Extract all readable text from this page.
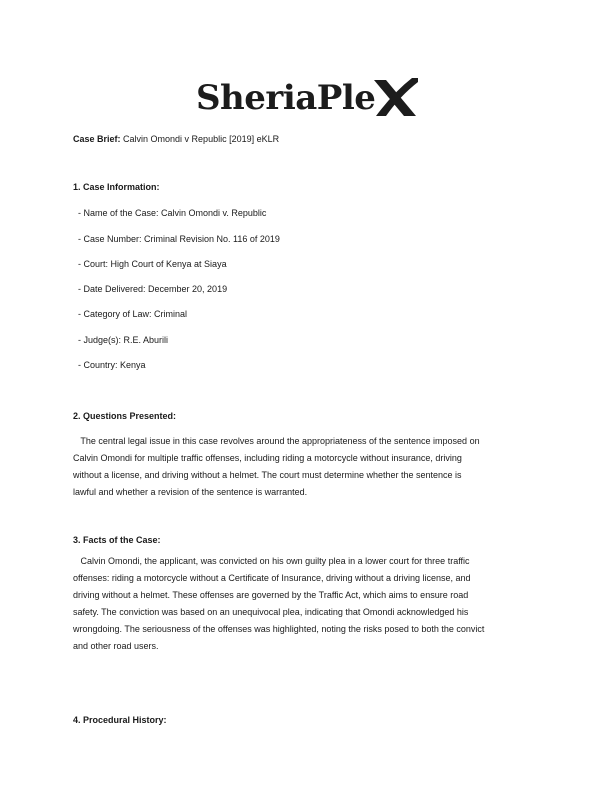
SheriaPle
Case Brief: Calvin Omondi v Republic [2019] eKLR
1. Case Information:
- Name of the Case: Calvin Omondi v. Republic
- Case Number: Criminal Revision No. 116 of 2019
- Court: High Court of Kenya at Siaya
- Date Delivered: December 20, 2019
- Category of Law: Criminal
- Judge(s): R.E. Aburili
- Country: Kenya
2. Questions Presented:
The central legal issue in this case revolves around the appropriateness of the sentence imposed on
Calvin Omondi for multiple traffic offenses, including riding a motorcycle without insurance, driving
without a license, and driving without a helmet. The court must determine whether the sentence is
lawful and whether a revision of the sentence is warranted.
3. Facts of the Case:
Calvin Omondi, the applicant, was convicted on his own guilty plea in a lower court for three traffic
offenses: riding a motorcycle without a Certificate of Insurance, driving without a driving license, and
driving without a helmet. These offenses are governed by the Traffic Act, which aims to ensure road
safety. The conviction was based on an unequivocal plea, indicating that Omondi acknowledged his
wrongdoing. The seriousness of the offenses was highlighted, noting the risks posed to both the convict
and other road users.
4. Procedural History:
